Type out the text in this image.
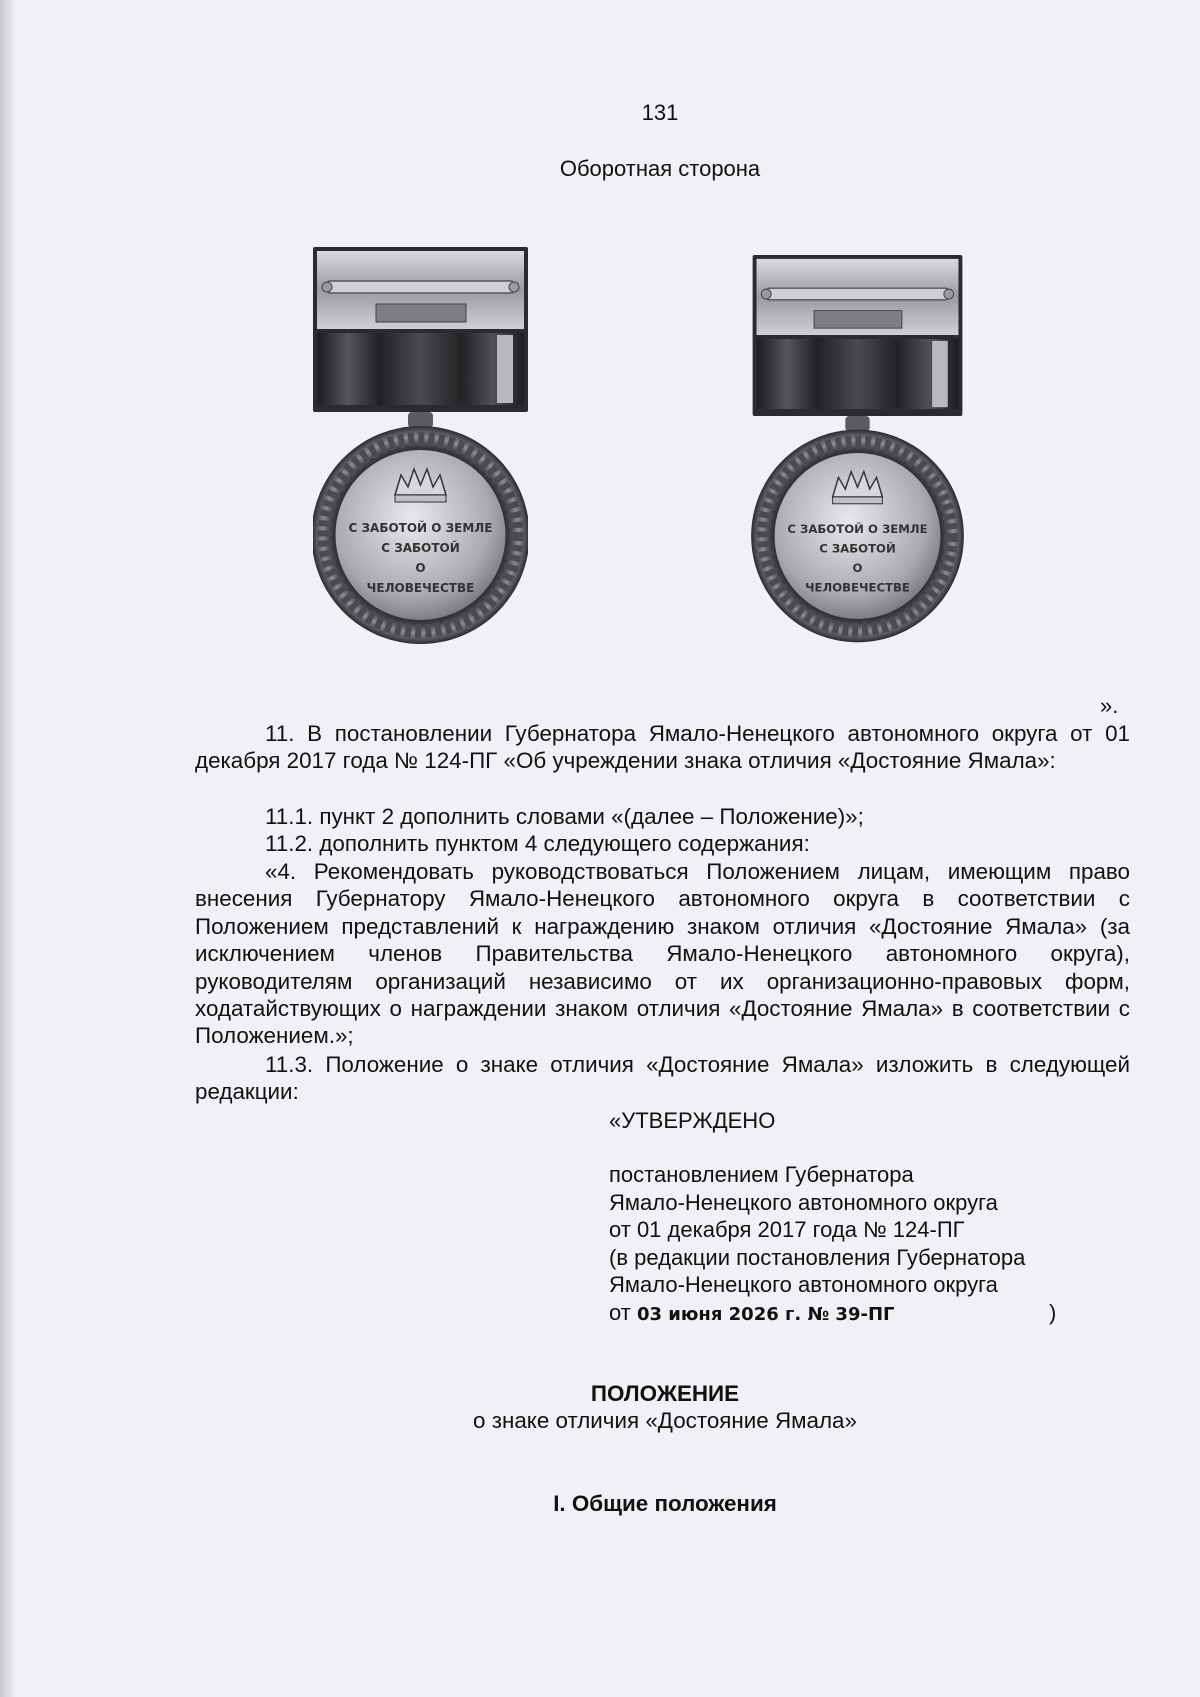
131
Оборотная сторона
С ЗАБОТОЙ О ЗЕМЛЕ
С ЗАБОТОЙ
О
ЧЕЛОВЕЧЕСТВЕ
С ЗАБОТОЙ О ЗЕМЛЕ
С ЗАБОТОЙ
О
ЧЕЛОВЕЧЕСТВЕ
».
11. В постановлении Губернатора Ямало-Ненецкого автономного округа от 01 декабря 2017 года № 124-ПГ «Об учреждении знака отличия «Достояние Ямала»:
11.1. пункт 2 дополнить словами «(далее – Положение)»;
11.2. дополнить пунктом 4 следующего содержания:
«4. Рекомендовать руководствоваться Положением лицам, имеющим право внесения Губернатору Ямало-Ненецкого автономного округа в соответствии с Положением представлений к награждению знаком отличия «Достояние Ямала» (за исключением членов Правительства Ямало-Ненецкого автономного округа), руководителям организаций независимо от их организационно-правовых форм, ходатайствующих о награждении знаком отличия «Достояние Ямала» в соответствии с Положением.»;
11.3. Положение о знаке отличия «Достояние Ямала» изложить в следующей редакции:
«УТВЕРЖДЕНО
постановлением Губернатора
Ямало-Ненецкого автономного округа
от 01 декабря 2017 года № 124-ПГ
(в редакции постановления Губернатора
Ямало-Ненецкого автономного округа
от 03 июня 2026 г. № 39-ПГ	)
ПОЛОЖЕНИЕ
о знаке отличия «Достояние Ямала»
I. Общие положения
